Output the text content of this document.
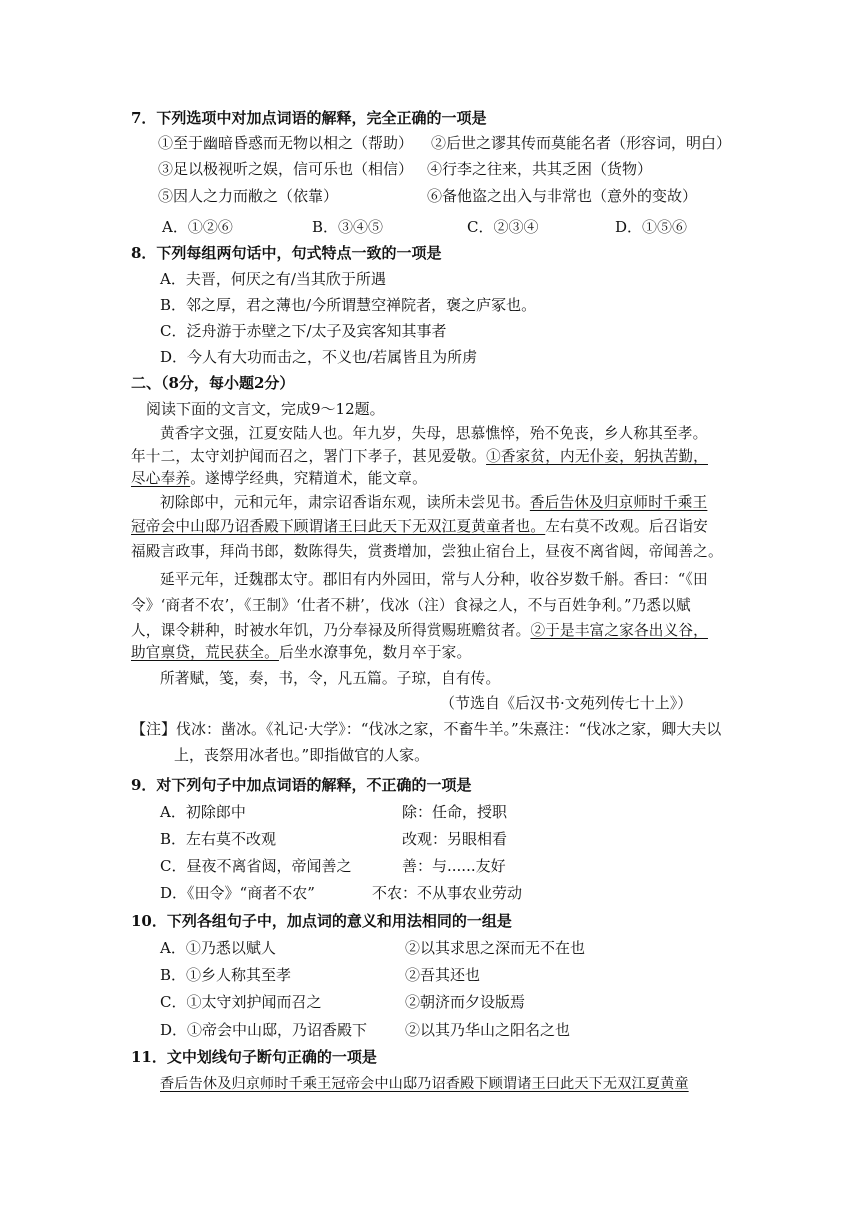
7．下列选项中对加点词语的解释，完全正确的一项是
①至于幽暗昏惑而无物以相之（帮助） ②后世之谬其传而莫能名者（形容词，明白）
③足以极视听之娱，信可乐也（相信） ④行李之往来，共其乏困（货物）
⑤因人之力而敝之（依靠）	⑥备他盗之出入与非常也（意外的变故）
A．①②⑥	B．③④⑤	C．②③④	D．①⑤⑥
8．下列每组两句话中，句式特点一致的一项是
A．夫晋，何厌之有/当其欣于所遇
B．邻之厚，君之薄也/今所谓慧空禅院者，褒之庐冢也。
C．泛舟游于赤壁之下/太子及宾客知其事者
D．今人有大功而击之，不义也/若属皆且为所虏
二、（8分，每小题2分）
阅读下面的文言文，完成9～12题。
黄香字文强，江夏安陆人也。年九岁，失母，思慕憔悴，殆不免丧，乡人称其至孝。
年十二，太守刘护闻而召之，署门下孝子，甚见爱敬。①香家贫，内无仆妾，躬执苦勤，
尽心奉养。遂博学经典，究精道术，能文章。
初除郎中，元和元年，肃宗诏香诣东观，读所未尝见书。香后告休及归京师时千乘王
冠帝会中山邸乃诏香殿下顾谓诸王曰此天下无双江夏黄童者也。左右莫不改观。后召诣安
福殿言政事，拜尚书郎，数陈得失，赏赉增加，尝独止宿台上，昼夜不离省闼，帝闻善之。
延平元年，迁魏郡太守。郡旧有内外园田，常与人分种，收谷岁数千斛。香曰：“《田
令》‘商者不农’，《王制》‘仕者不耕’，伐冰（注）食禄之人，不与百姓争利。”乃悉以赋
人，课令耕种，时被水年饥，乃分奉禄及所得赏赐班赡贫者。②于是丰富之家各出义谷，
助官禀贷，荒民获全。后坐水潦事免，数月卒于家。
所著赋，笺，奏，书，令，凡五篇。子琼，自有传。
（节选自《后汉书·文苑列传七十上》）
【注】伐冰：凿冰。《礼记·大学》：“伐冰之家，不畜牛羊。”朱熹注：“伐冰之家，卿大夫以
上，丧祭用冰者也。”即指做官的人家。
9．对下列句子中加点词语的解释，不正确的一项是
A．初除郎中	除：任命，授职
B．左右莫不改观	改观：另眼相看
C．昼夜不离省闼，帝闻善之	善：与......友好
D．《田令》“商者不农”	不农：不从事农业劳动
10．下列各组句子中，加点词的意义和用法相同的一组是
A．①乃悉以赋人	②以其求思之深而无不在也
B．①乡人称其至孝	②吾其还也
C．①太守刘护闻而召之	②朝济而夕设版焉
D．①帝会中山邸，乃诏香殿下	②以其乃华山之阳名之也
11．文中划线句子断句正确的一项是
香后告休及归京师时千乘王冠帝会中山邸乃诏香殿下顾谓诸王曰此天下无双江夏黄童
